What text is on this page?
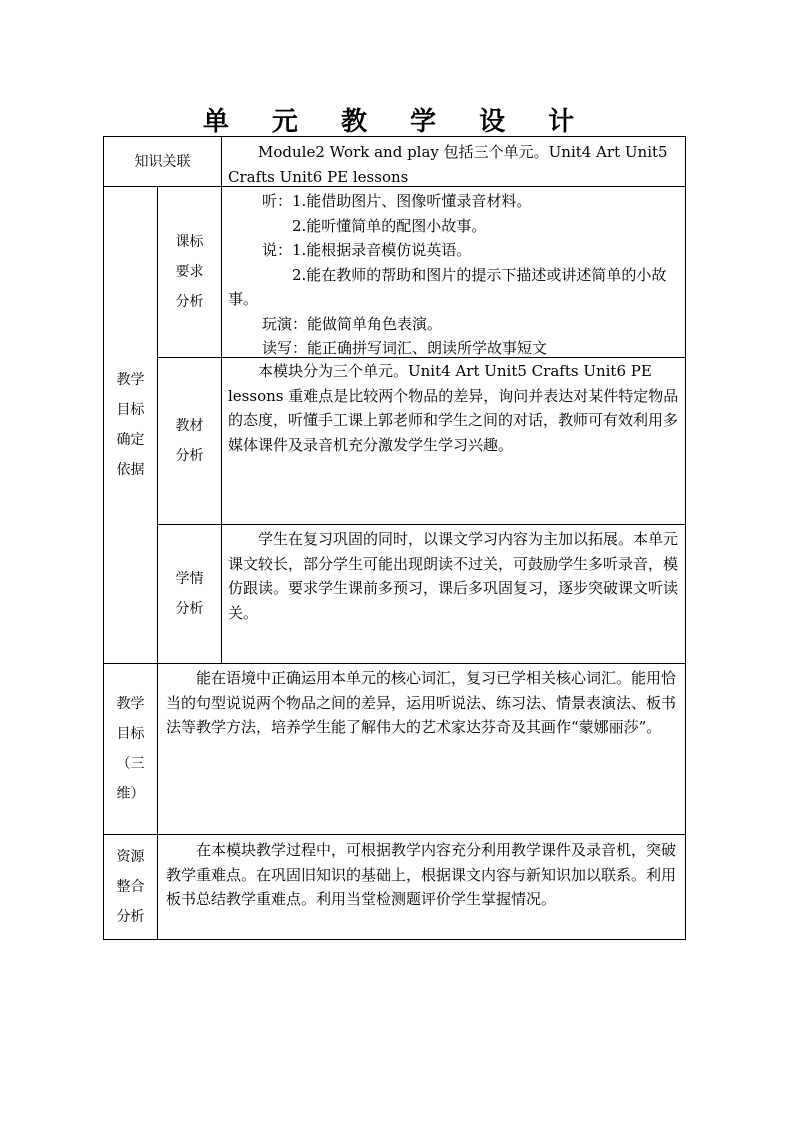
单 元 教 学 设 计
知识关联
Module2 Work and play 包括三个单元。Unit4 Art Unit5 Crafts Unit6 PE lessons
教学
目标
确定
依据
课标
要求
分析
听：1.能借助图片、图像听懂录音材料。
2.能听懂简单的配图小故事。
说：1.能根据录音模仿说英语。
2.能在教师的帮助和图片的提示下描述或讲述简单的小故事。
玩演：能做简单角色表演。
读写：能正确拼写词汇、朗读所学故事短文
教材
分析
本模块分为三个单元。Unit4 Art Unit5 Crafts Unit6 PE lessons 重难点是比较两个物品的差异，询问并表达对某件特定物品的态度，听懂手工课上郭老师和学生之间的对话，教师可有效利用多媒体课件及录音机充分激发学生学习兴趣。
学情
分析
学生在复习巩固的同时，以课文学习内容为主加以拓展。本单元课文较长，部分学生可能出现朗读不过关，可鼓励学生多听录音，模仿跟读。要求学生课前多预习，课后多巩固复习，逐步突破课文听读关。
教学
目标
（三
维）
能在语境中正确运用本单元的核心词汇，复习已学相关核心词汇。能用恰当的句型说说两个物品之间的差异，运用听说法、练习法、情景表演法、板书法等教学方法，培养学生能了解伟大的艺术家达芬奇及其画作“蒙娜丽莎”。
资源
整合
分析
在本模块教学过程中，可根据教学内容充分利用教学课件及录音机，突破教学重难点。在巩固旧知识的基础上，根据课文内容与新知识加以联系。利用板书总结教学重难点。利用当堂检测题评价学生掌握情况。
